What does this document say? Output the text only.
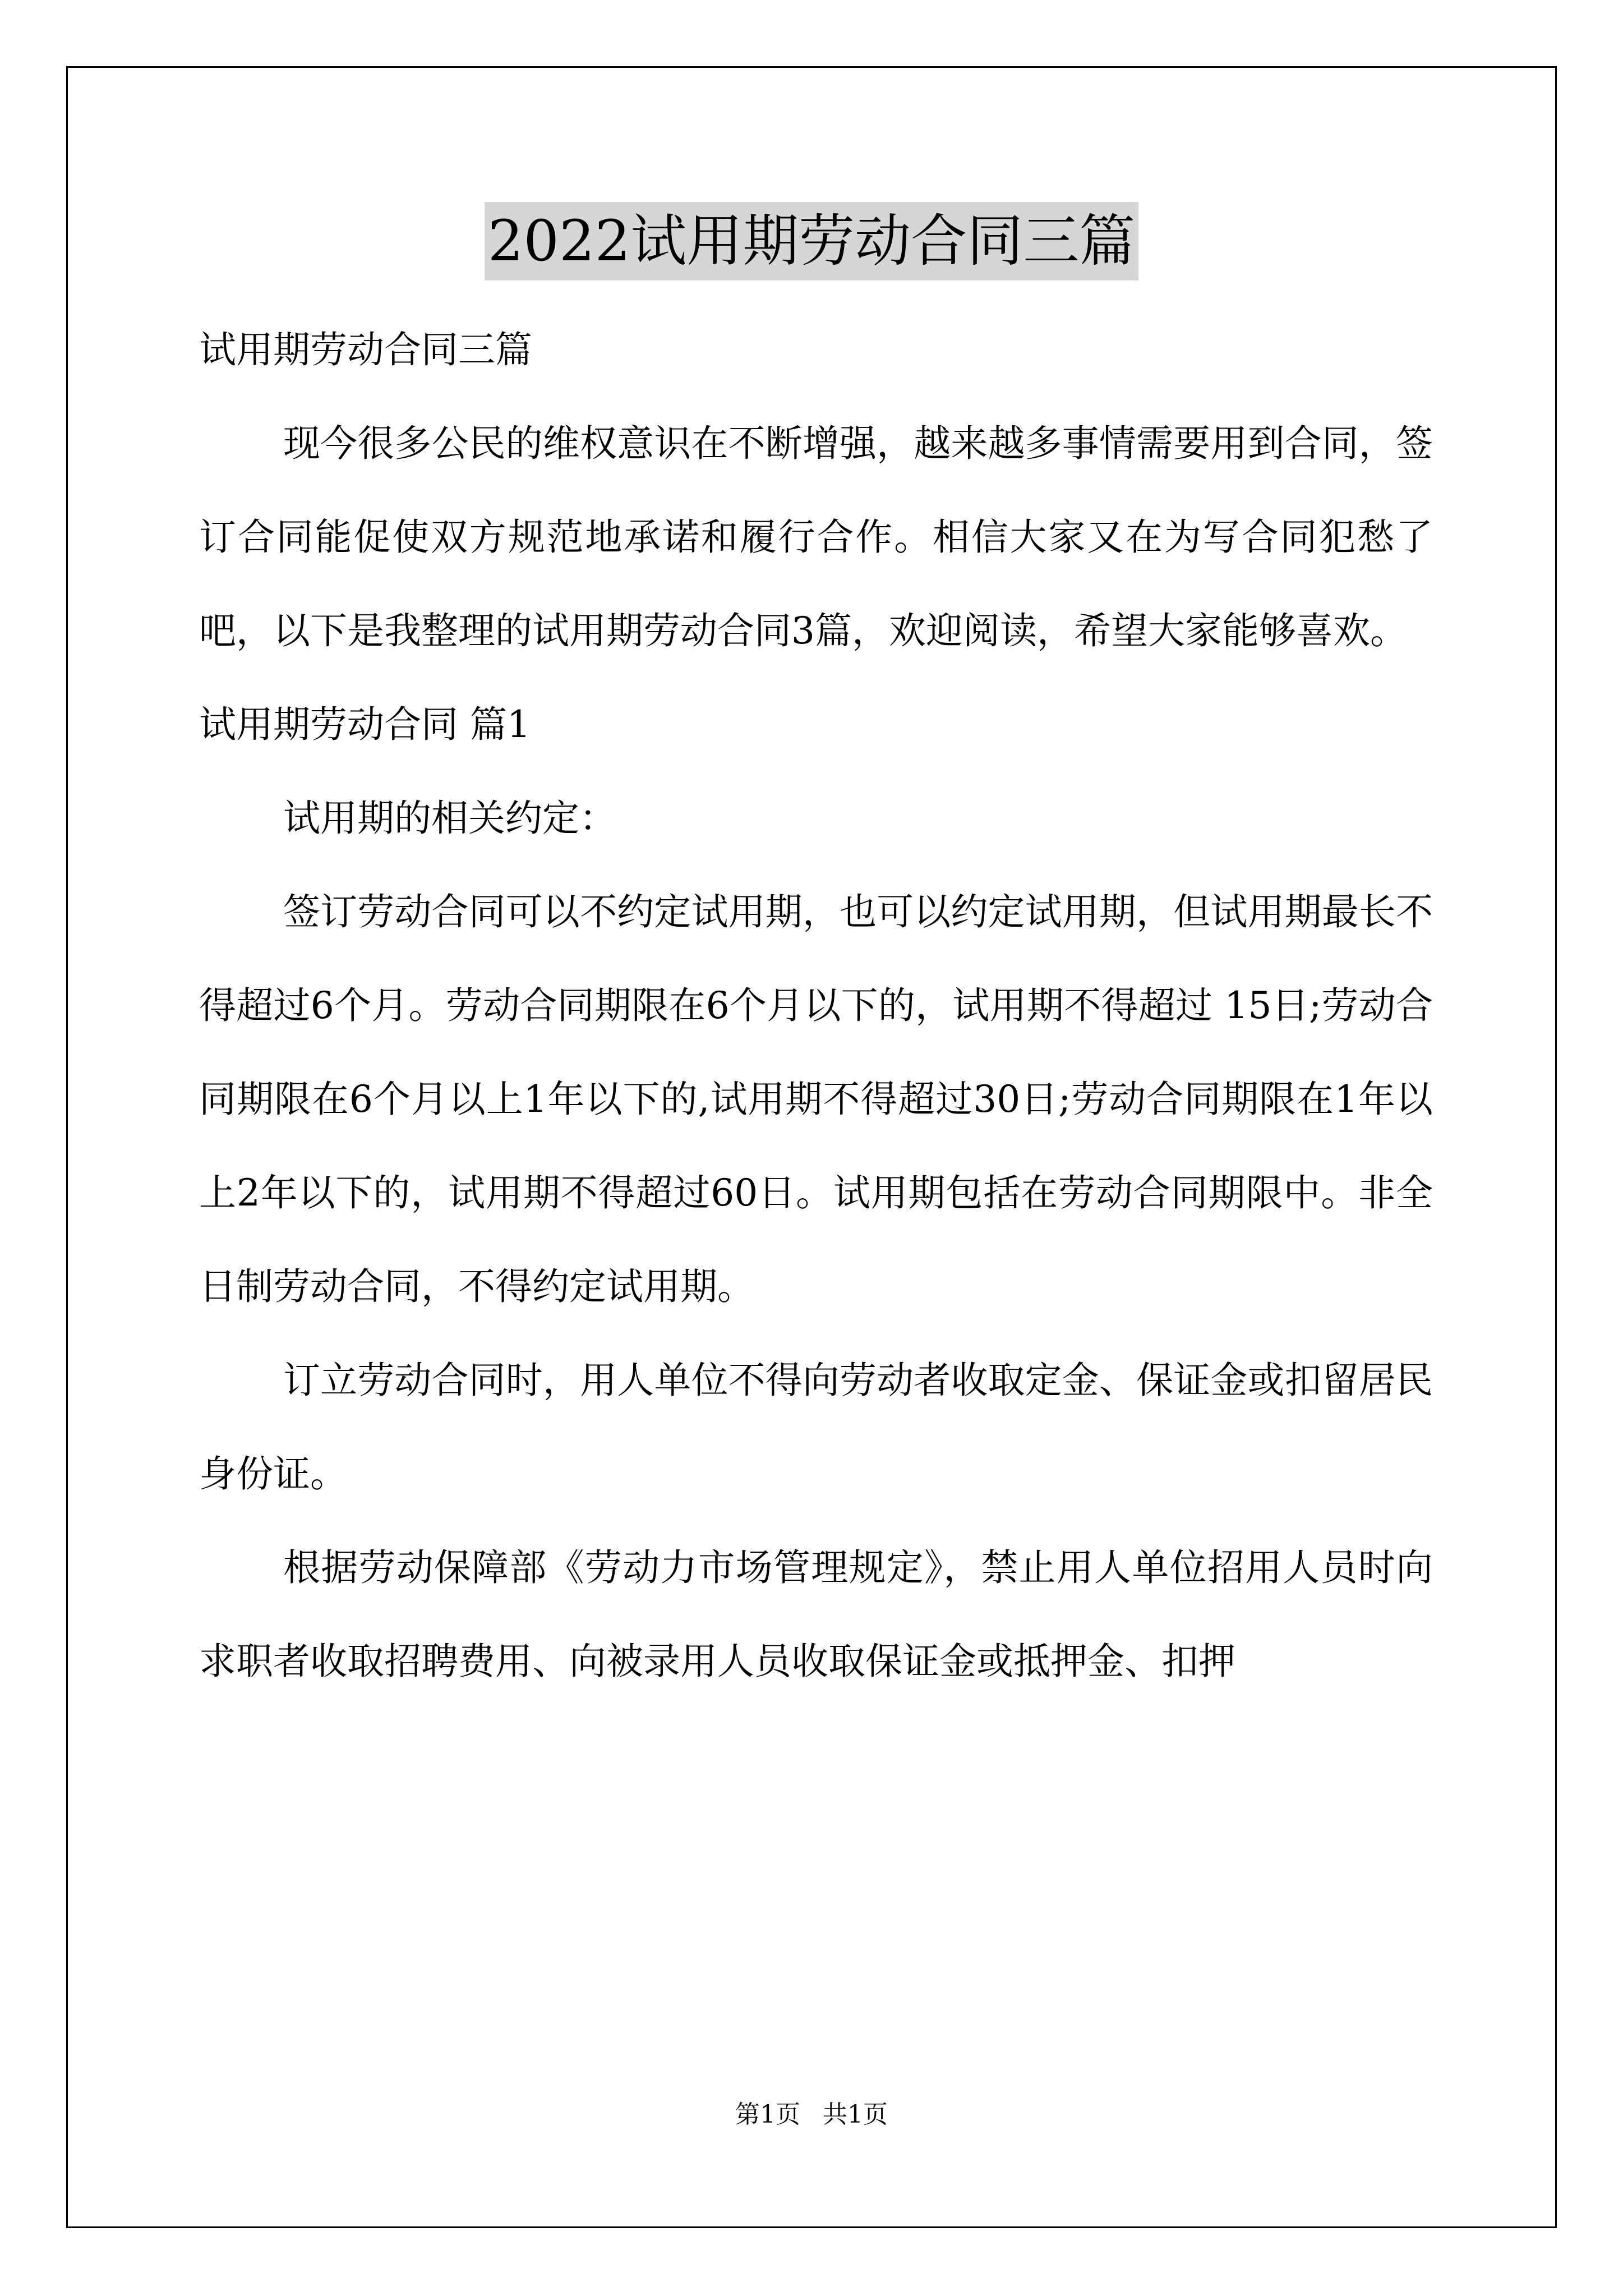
2022试用期劳动合同三篇

试用期劳动合同三篇

现今很多公民的维权意识在不断增强，越来越多事情需要用到合同，签订合同能促使双方规范地承诺和履行合作。相信大家又在为写合同犯愁了吧，以下是我整理的试用期劳动合同3篇，欢迎阅读，希望大家能够喜欢。

试用期劳动合同 篇1

试用期的相关约定：

签订劳动合同可以不约定试用期，也可以约定试用期，但试用期最长不得超过6个月。劳动合同期限在6个月以下的，试用期不得超过 15日;劳动合同期限在6个月以上1年以下的,试用期不得超过30日;劳动合同期限在1年以上2年以下的，试用期不得超过60日。试用期包括在劳动合同期限中。非全日制劳动合同，不得约定试用期。

订立劳动合同时，用人单位不得向劳动者收取定金、保证金或扣留居民身份证。

根据劳动保障部《劳动力市场管理规定》，禁止用人单位招用人员时向求职者收取招聘费用、向被录用人员收取保证金或抵押金、扣押

第1页 共1页
